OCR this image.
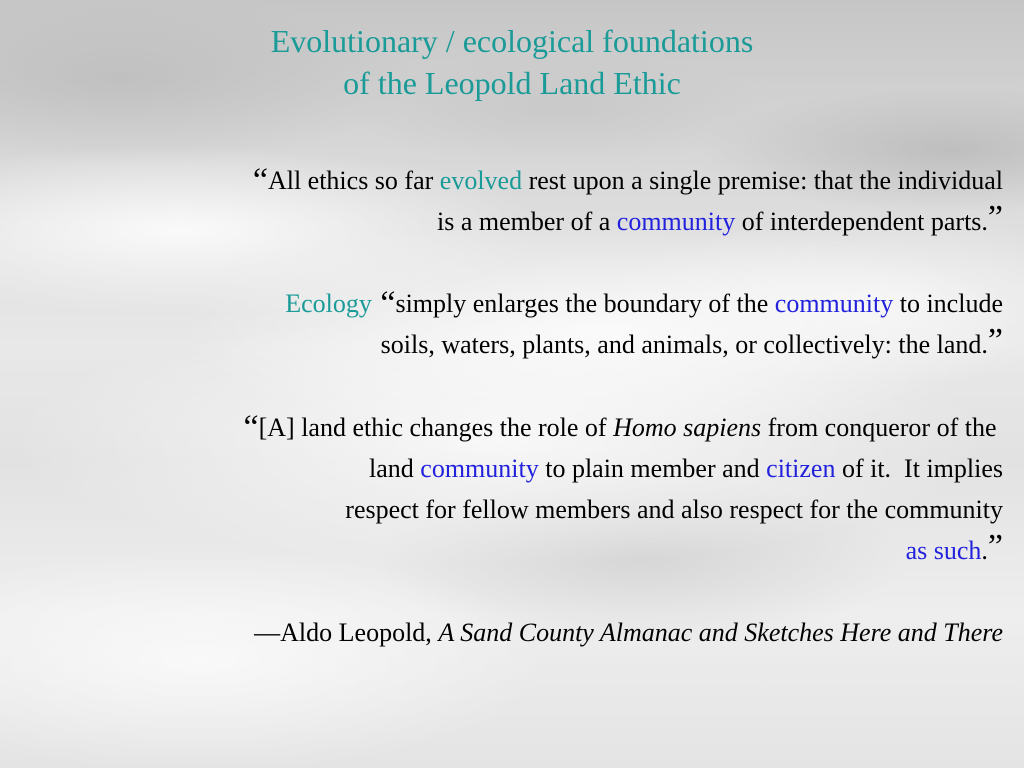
Evolutionary / ecological foundations
of the Leopold Land Ethic
“All ethics so far evolved rest upon a single premise: that the individual
is a member of a community of interdependent parts.”
Ecology “simply enlarges the boundary of the community to include
soils, waters, plants, and animals, or collectively: the land.”
“[A] land ethic changes the role of Homo sapiens from conqueror of the
land community to plain member and citizen of it.  It implies
respect for fellow members and also respect for the community
as such.”
—Aldo Leopold, A Sand County Almanac and Sketches Here and There
